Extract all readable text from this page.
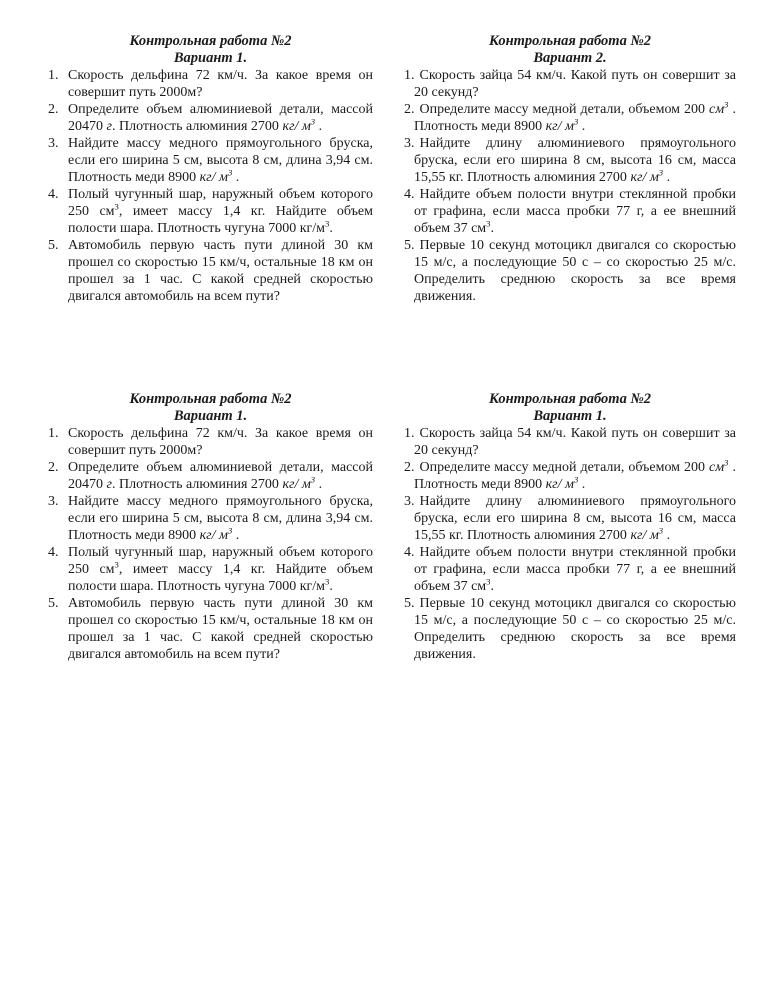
Контрольная работа №2
Вариант 1.
1. Скорость дельфина 72 км/ч. За какое время он совершит путь 2000м?
2. Определите объем алюминиевой детали, массой 20470 г. Плотность алюминия 2700 кг/ $м^3$ .
3. Найдите массу медного прямоугольного бруска, если его ширина 5 см, высота 8 см, длина 3,94 см. Плотность меди 8900 кг/ $м^3$ .
4. Полый чугунный шар, наружный объем которого 250 $см^3$, имеет массу 1,4 кг. Найдите объем полости шара. Плотность чугуна 7000 $кг/м^3$.
5. Автомобиль первую часть пути длиной 30 км прошел со скоростью 15 км/ч, остальные 18 км он прошел за 1 час. С какой средней скоростью двигался автомобиль на всем пути?
Контрольная работа №2
Вариант 2.
1. Скорость зайца 54 км/ч. Какой путь он совершит за 20 секунд?
2. Определите массу медной детали, объемом 200 $см^3$ . Плотность меди 8900 кг/ $м^3$ .
3. Найдите длину алюминиевого прямоугольного бруска, если его ширина 8 см, высота 16 см, масса 15,55 кг. Плотность алюминия 2700 кг/ $м^3$ .
4. Найдите объем полости внутри стеклянной пробки от графина, если масса пробки 77 г, а ее внешний объем 37 $см^3$.
5. Первые 10 секунд мотоцикл двигался со скоростью 15 м/с, а последующие 50 с – со скоростью 25 м/с. Определить среднюю скорость за все время движения.
Контрольная работа №2
Вариант 1.
1. Скорость дельфина 72 км/ч. За какое время он совершит путь 2000м?
2. Определите объем алюминиевой детали, массой 20470 г. Плотность алюминия 2700 кг/ $м^3$ .
3. Найдите массу медного прямоугольного бруска, если его ширина 5 см, высота 8 см, длина 3,94 см. Плотность меди 8900 кг/ $м^3$ .
4. Полый чугунный шар, наружный объем которого 250 $см^3$, имеет массу 1,4 кг. Найдите объем полости шара. Плотность чугуна 7000 $кг/м^3$.
5. Автомобиль первую часть пути длиной 30 км прошел со скоростью 15 км/ч, остальные 18 км он прошел за 1 час. С какой средней скоростью двигался автомобиль на всем пути?
Контрольная работа №2
Вариант 1.
1. Скорость зайца 54 км/ч. Какой путь он совершит за 20 секунд?
2. Определите массу медной детали, объемом 200 $см^3$ . Плотность меди 8900 кг/ $м^3$ .
3. Найдите длину алюминиевого прямоугольного бруска, если его ширина 8 см, высота 16 см, масса 15,55 кг. Плотность алюминия 2700 кг/ $м^3$ .
4. Найдите объем полости внутри стеклянной пробки от графина, если масса пробки 77 г, а ее внешний объем 37 $см^3$.
5. Первые 10 секунд мотоцикл двигался со скоростью 15 м/с, а последующие 50 с – со скоростью 25 м/с. Определить среднюю скорость за все время движения.
